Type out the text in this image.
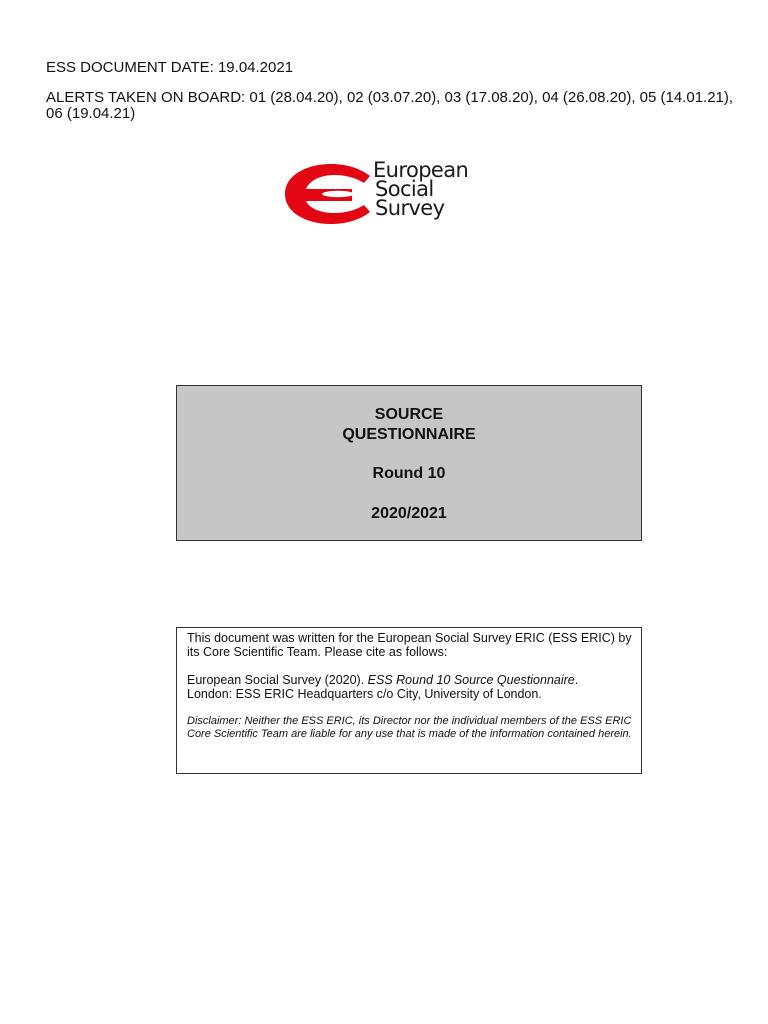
ESS DOCUMENT DATE: 19.04.2021
ALERTS TAKEN ON BOARD: 01 (28.04.20), 02 (03.07.20), 03 (17.08.20), 04 (26.08.20), 05 (14.01.21), 06 (19.04.21)
European
Social
Survey
SOURCE
QUESTIONNAIRE
Round 10
2020/2021

This document was written for the European Social Survey ERIC (ESS ERIC) by its Core Scientific Team. Please cite as follows:

European Social Survey (2020). ESS Round 10 Source Questionnaire.

London: ESS ERIC Headquarters c/o City, University of London.

Disclaimer: Neither the ESS ERIC, its Director nor the individual members of the ESS ERIC Core Scientific Team are liable for any use that is made of the information contained herein.
